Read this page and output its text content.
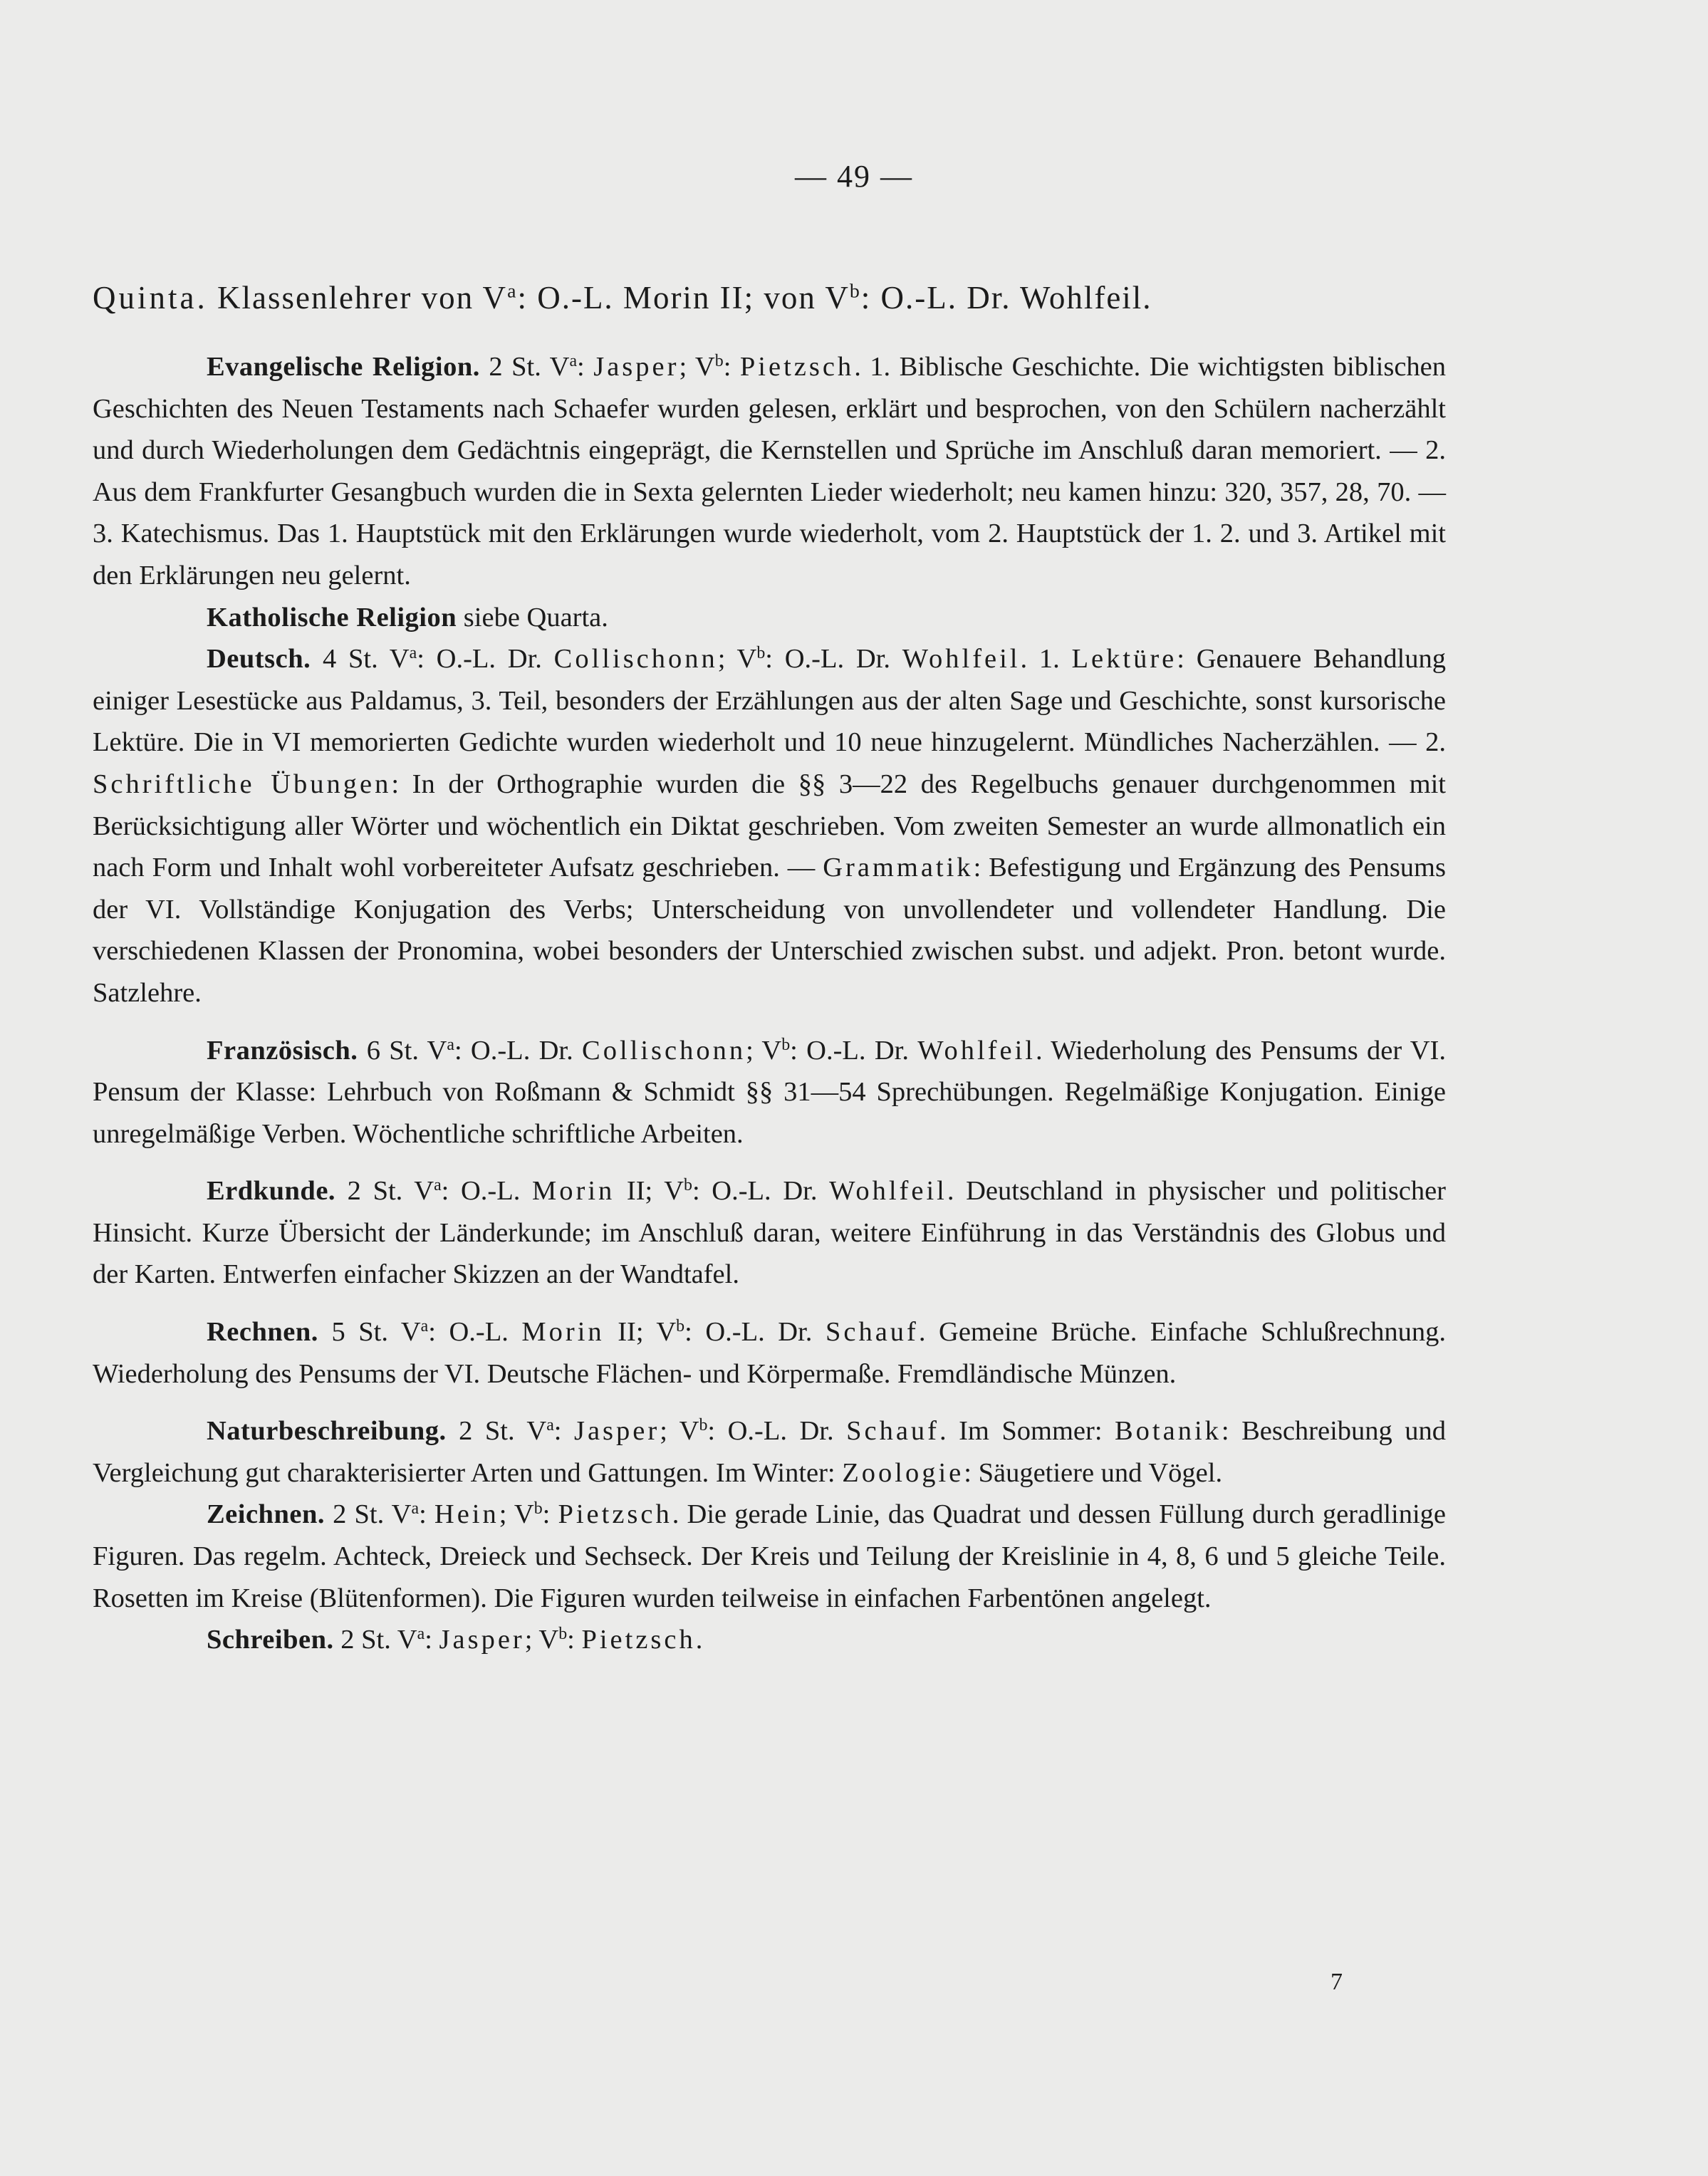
— 49 —
Quinta. Klassenlehrer von $V^a$: O.-L. Morin II; von $V^b$: O.-L. Dr. Wohlfeil.

Evangelische Religion. 2 St. $V^a$: Jasper; $V^b$: Pietzsch. 1. Biblische Geschichte. Die wichtigsten biblischen Geschichten des Neuen Testaments nach Schaefer wurden gelesen, erklärt und besprochen, von den Schülern nacherzählt und durch Wiederholungen dem Gedächtnis eingeprägt, die Kernstellen und Sprüche im Anschluß daran memoriert. — 2. Aus dem Frankfurter Gesangbuch wurden die in Sexta gelernten Lieder wiederholt; neu kamen hinzu: 320, 357, 28, 70. — 3. Katechismus. Das 1. Hauptstück mit den Erklärungen wurde wiederholt, vom 2. Hauptstück der 1. 2. und 3. Artikel mit den Erklärungen neu gelernt.

Katholische Religion siebe Quarta.

Deutsch. 4 St. $V^a$: O.-L. Dr. Collischonn; $V^b$: O.-L. Dr. Wohlfeil. 1. Lektüre: Genauere Behandlung einiger Lesestücke aus Paldamus, 3. Teil, besonders der Erzählungen aus der alten Sage und Geschichte, sonst kursorische Lektüre. Die in VI memorierten Gedichte wurden wiederholt und 10 neue hinzugelernt. Mündliches Nacherzählen. — 2. Schriftliche Übungen: In der Orthographie wurden die §§ 3—22 des Regelbuchs genauer durchgenommen mit Berücksichtigung aller Wörter und wöchentlich ein Diktat geschrieben. Vom zweiten Semester an wurde allmonatlich ein nach Form und Inhalt wohl vorbereiteter Aufsatz geschrieben. — Grammatik: Befestigung und Ergänzung des Pensums der VI. Vollständige Konjugation des Verbs; Unterscheidung von unvollendeter und vollendeter Handlung. Die verschiedenen Klassen der Pronomina, wobei besonders der Unterschied zwischen subst. und adjekt. Pron. betont wurde. Satzlehre.

Französisch. 6 St. $V^a$: O.-L. Dr. Collischonn; $V^b$: O.-L. Dr. Wohlfeil. Wiederholung des Pensums der VI. Pensum der Klasse: Lehrbuch von Roßmann & Schmidt §§ 31—54 Sprechübungen. Regelmäßige Konjugation. Einige unregelmäßige Verben. Wöchentliche schriftliche Arbeiten.

Erdkunde. 2 St. $V^a$: O.-L. Morin II; $V^b$: O.-L. Dr. Wohlfeil. Deutschland in physischer und politischer Hinsicht. Kurze Übersicht der Länderkunde; im Anschluß daran, weitere Einführung in das Verständnis des Globus und der Karten. Entwerfen einfacher Skizzen an der Wandtafel.

Rechnen. 5 St. $V^a$: O.-L. Morin II; $V^b$: O.-L. Dr. Schauf. Gemeine Brüche. Einfache Schlußrechnung. Wiederholung des Pensums der VI. Deutsche Flächen- und Körpermaße. Fremdländische Münzen.

Naturbeschreibung. 2 St. $V^a$: Jasper; $V^b$: O.-L. Dr. Schauf. Im Sommer: Botanik: Beschreibung und Vergleichung gut charakterisierter Arten und Gattungen. Im Winter: Zoologie: Säugetiere und Vögel.

Zeichnen. 2 St. $V^a$: Hein; $V^b$: Pietzsch. Die gerade Linie, das Quadrat und dessen Füllung durch geradlinige Figuren. Das regelm. Achteck, Dreieck und Sechseck. Der Kreis und Teilung der Kreislinie in 4, 8, 6 und 5 gleiche Teile. Rosetten im Kreise (Blütenformen). Die Figuren wurden teilweise in einfachen Farbentönen angelegt.

Schreiben. 2 St. $V^a$: Jasper; $V^b$: Pietzsch.

7
